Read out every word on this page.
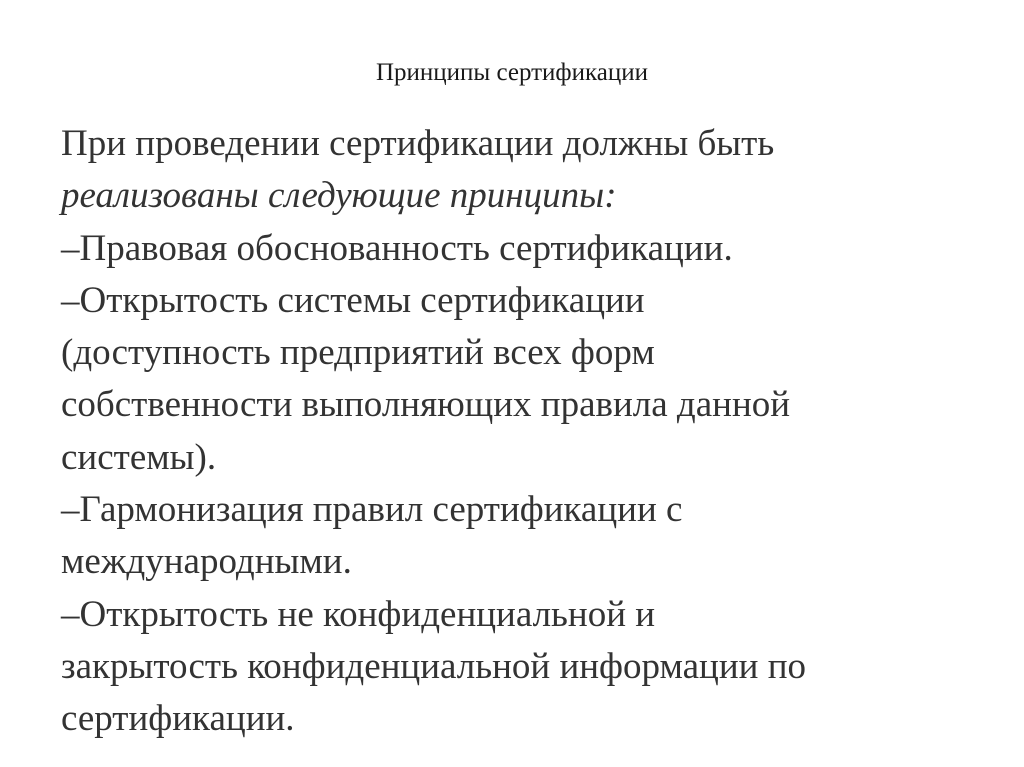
Принципы сертификации
При проведении сертификации должны быть
реализованы следующие принципы:
–Правовая обоснованность сертификации.
–Открытость системы сертификации
(доступность предприятий всех форм
собственности выполняющих правила данной
системы).
–Гармонизация правил сертификации с
международными.
–Открытость не конфиденциальной и
закрытость конфиденциальной информации по
сертификации.
